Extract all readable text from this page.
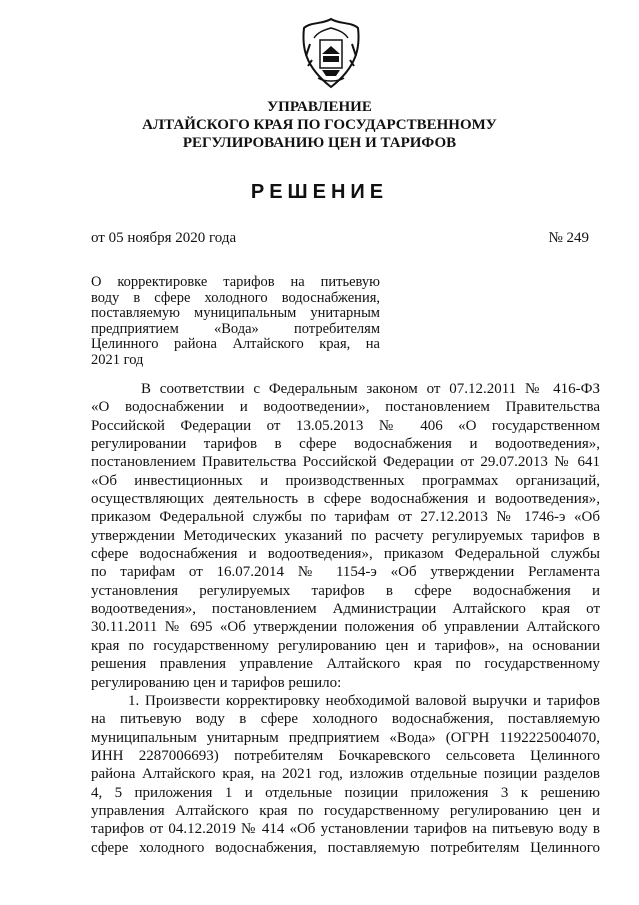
УПРАВЛЕНИЕ
АЛТАЙСКОГО КРАЯ ПО ГОСУДАРСТВЕННОМУ
РЕГУЛИРОВАНИЮ ЦЕН И ТАРИФОВ
РЕШЕНИЕ
от 05 ноября 2020 года	№ 249
О корректировке тарифов на питьевую
воду в сфере холодного водоснабжения,
поставляемую муниципальным унитарным
предприятием «Вода» потребителям
Целинного района Алтайского края, на
2021 год
В соответствии с Федеральным законом от 07.12.2011 № 416-ФЗ
«О водоснабжении и водоотведении», постановлением Правительства
Российской Федерации от 13.05.2013 № 406 «О государственном
регулировании тарифов в сфере водоснабжения и водоотведения»,
постановлением Правительства Российской Федерации от 29.07.2013 № 641
«Об инвестиционных и производственных программах организаций,
осуществляющих деятельность в сфере водоснабжения и водоотведения»,
приказом Федеральной службы по тарифам от 27.12.2013 № 1746-э «Об
утверждении Методических указаний по расчету регулируемых тарифов в
сфере водоснабжения и водоотведения», приказом Федеральной службы
по тарифам от 16.07.2014 № 1154-э «Об утверждении Регламента
установления регулируемых тарифов в сфере водоснабжения и
водоотведения», постановлением Администрации Алтайского края от
30.11.2011 № 695 «Об утверждении положения об управлении Алтайского
края по государственному регулированию цен и тарифов», на основании
решения правления управление Алтайского края по государственному
регулированию цен и тарифов решило:
1. Произвести корректировку необходимой валовой выручки и тарифов
на питьевую воду в сфере холодного водоснабжения, поставляемую
муниципальным унитарным предприятием «Вода» (ОГРН 1192225004070,
ИНН 2287006693) потребителям Бочкаревского сельсовета Целинного
района Алтайского края, на 2021 год, изложив отдельные позиции разделов
4, 5 приложения 1 и отдельные позиции приложения 3 к решению
управления Алтайского края по государственному регулированию цен и
тарифов от 04.12.2019 № 414 «Об установлении тарифов на питьевую воду в
сфере холодного водоснабжения, поставляемую потребителям Целинного
